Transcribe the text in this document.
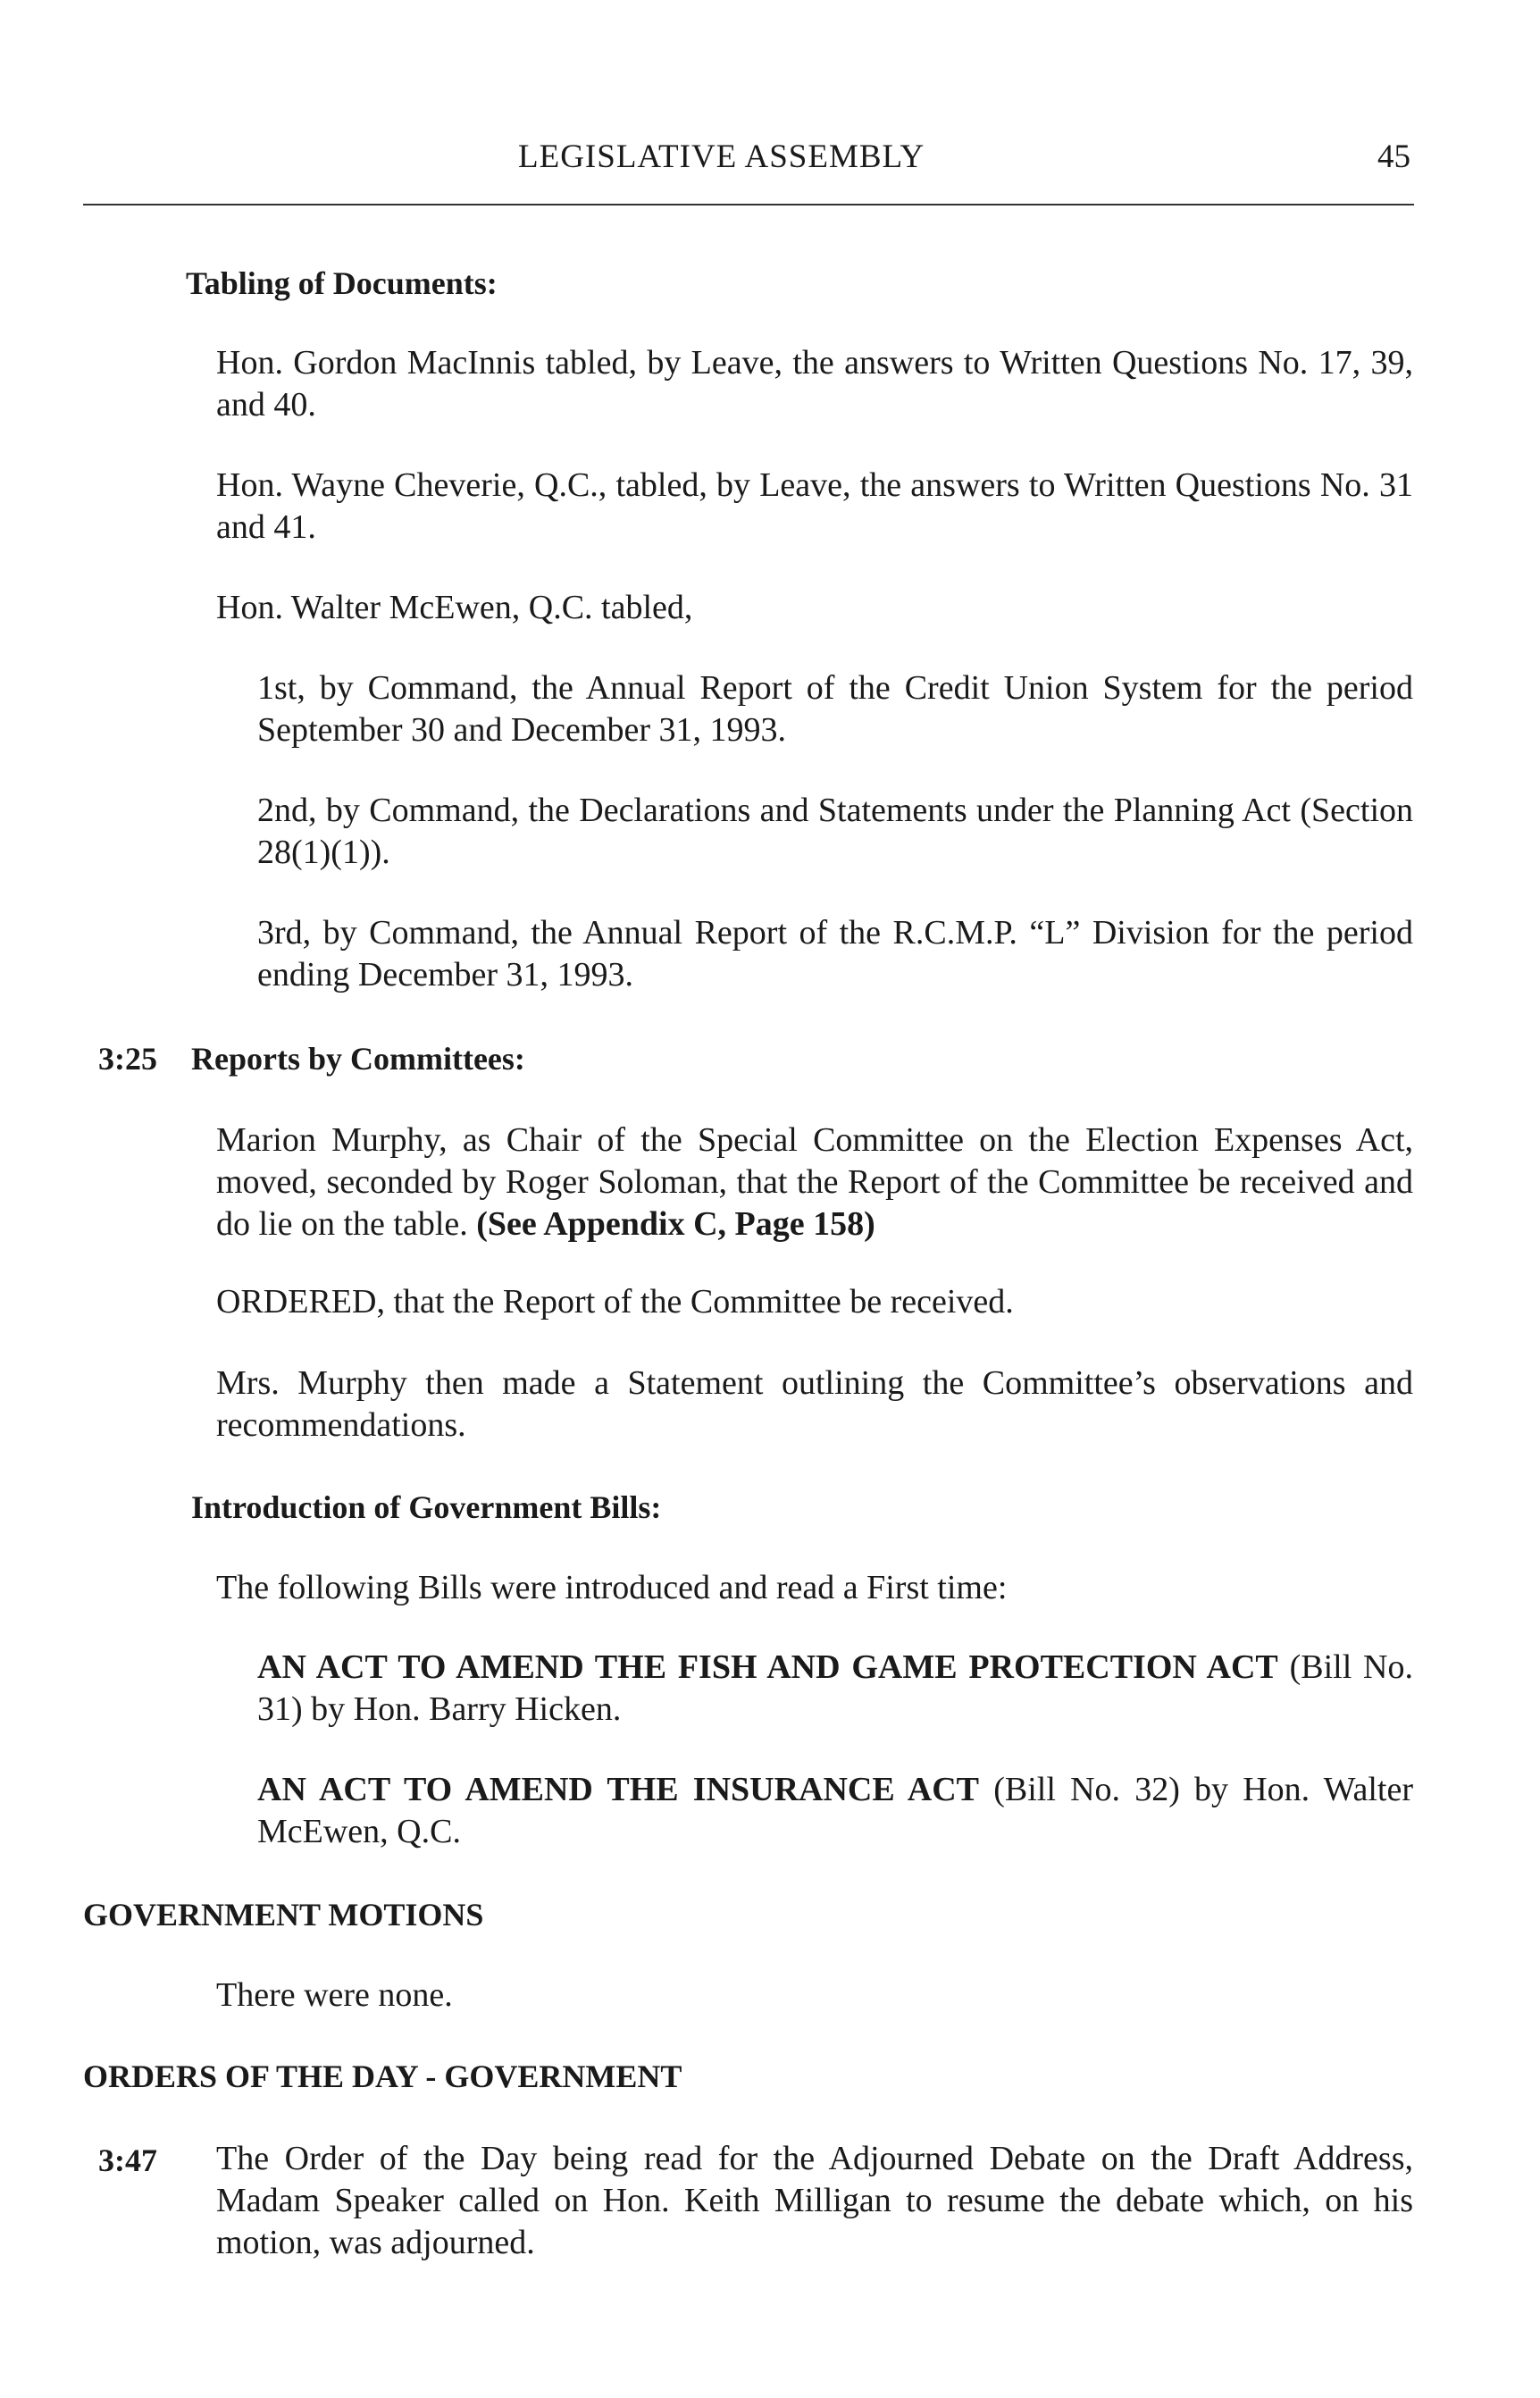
LEGISLATIVE ASSEMBLY	45
Tabling of Documents:
Hon. Gordon MacInnis tabled, by Leave, the answers to Written Questions No. 17, 39, and 40.
Hon. Wayne Cheverie, Q.C., tabled, by Leave, the answers to Written Questions No. 31 and 41.
Hon. Walter McEwen, Q.C. tabled,
1st, by Command, the Annual Report of the Credit Union System for the period September 30 and December 31, 1993.
2nd, by Command, the Declarations and Statements under the Planning Act (Section 28(1)(1)).
3rd, by Command, the Annual Report of the R.C.M.P. “L” Division for the period ending December 31, 1993.
3:25 Reports by Committees:
Marion Murphy, as Chair of the Special Committee on the Election Expenses Act, moved, seconded by Roger Soloman, that the Report of the Committee be received and do lie on the table. (See Appendix C, Page 158)
ORDERED, that the Report of the Committee be received.
Mrs. Murphy then made a Statement outlining the Committee’s observations and recommendations.
Introduction of Government Bills:
The following Bills were introduced and read a First time:
AN ACT TO AMEND THE FISH AND GAME PROTECTION ACT (Bill No. 31) by Hon. Barry Hicken.
AN ACT TO AMEND THE INSURANCE ACT (Bill No. 32) by Hon. Walter McEwen, Q.C.
GOVERNMENT MOTIONS
There were none.
ORDERS OF THE DAY - GOVERNMENT
3:47 The Order of the Day being read for the Adjourned Debate on the Draft Address, Madam Speaker called on Hon. Keith Milligan to resume the debate which, on his motion, was adjourned.
